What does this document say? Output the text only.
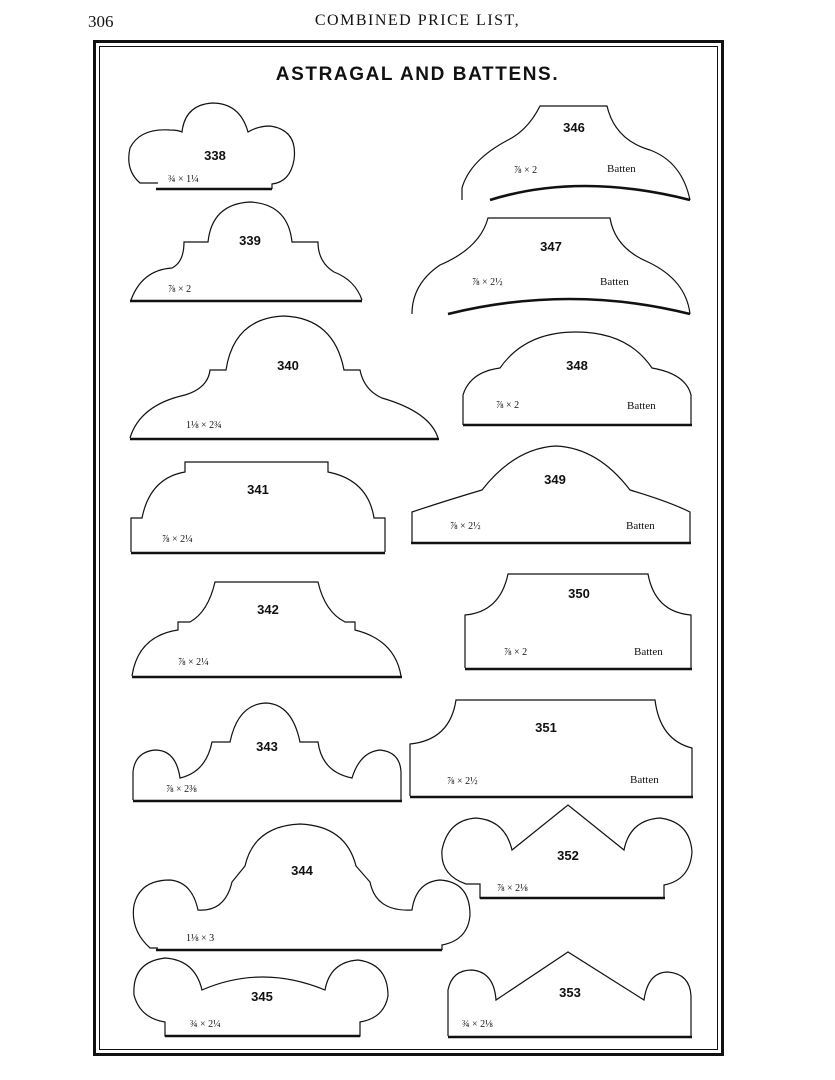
306	COMBINED PRICE LIST,
ASTRAGAL AND BATTENS.
338
¾ × 1¼
339
⅞ × 2
340
1⅛ × 2¾
341
⅞ × 2¼
342
⅞ × 2¼
343
⅞ × 2⅜
344
1⅛ × 3
345
¾ × 2¼
346
⅞ × 2	Batten
347
⅞ × 2½	Batten
348
⅞ × 2	Batten
349
⅞ × 2½	Batten
350
⅞ × 2	Batten
351
⅞ × 2½	Batten
352
⅞ × 2⅛
353
¾ × 2⅛
